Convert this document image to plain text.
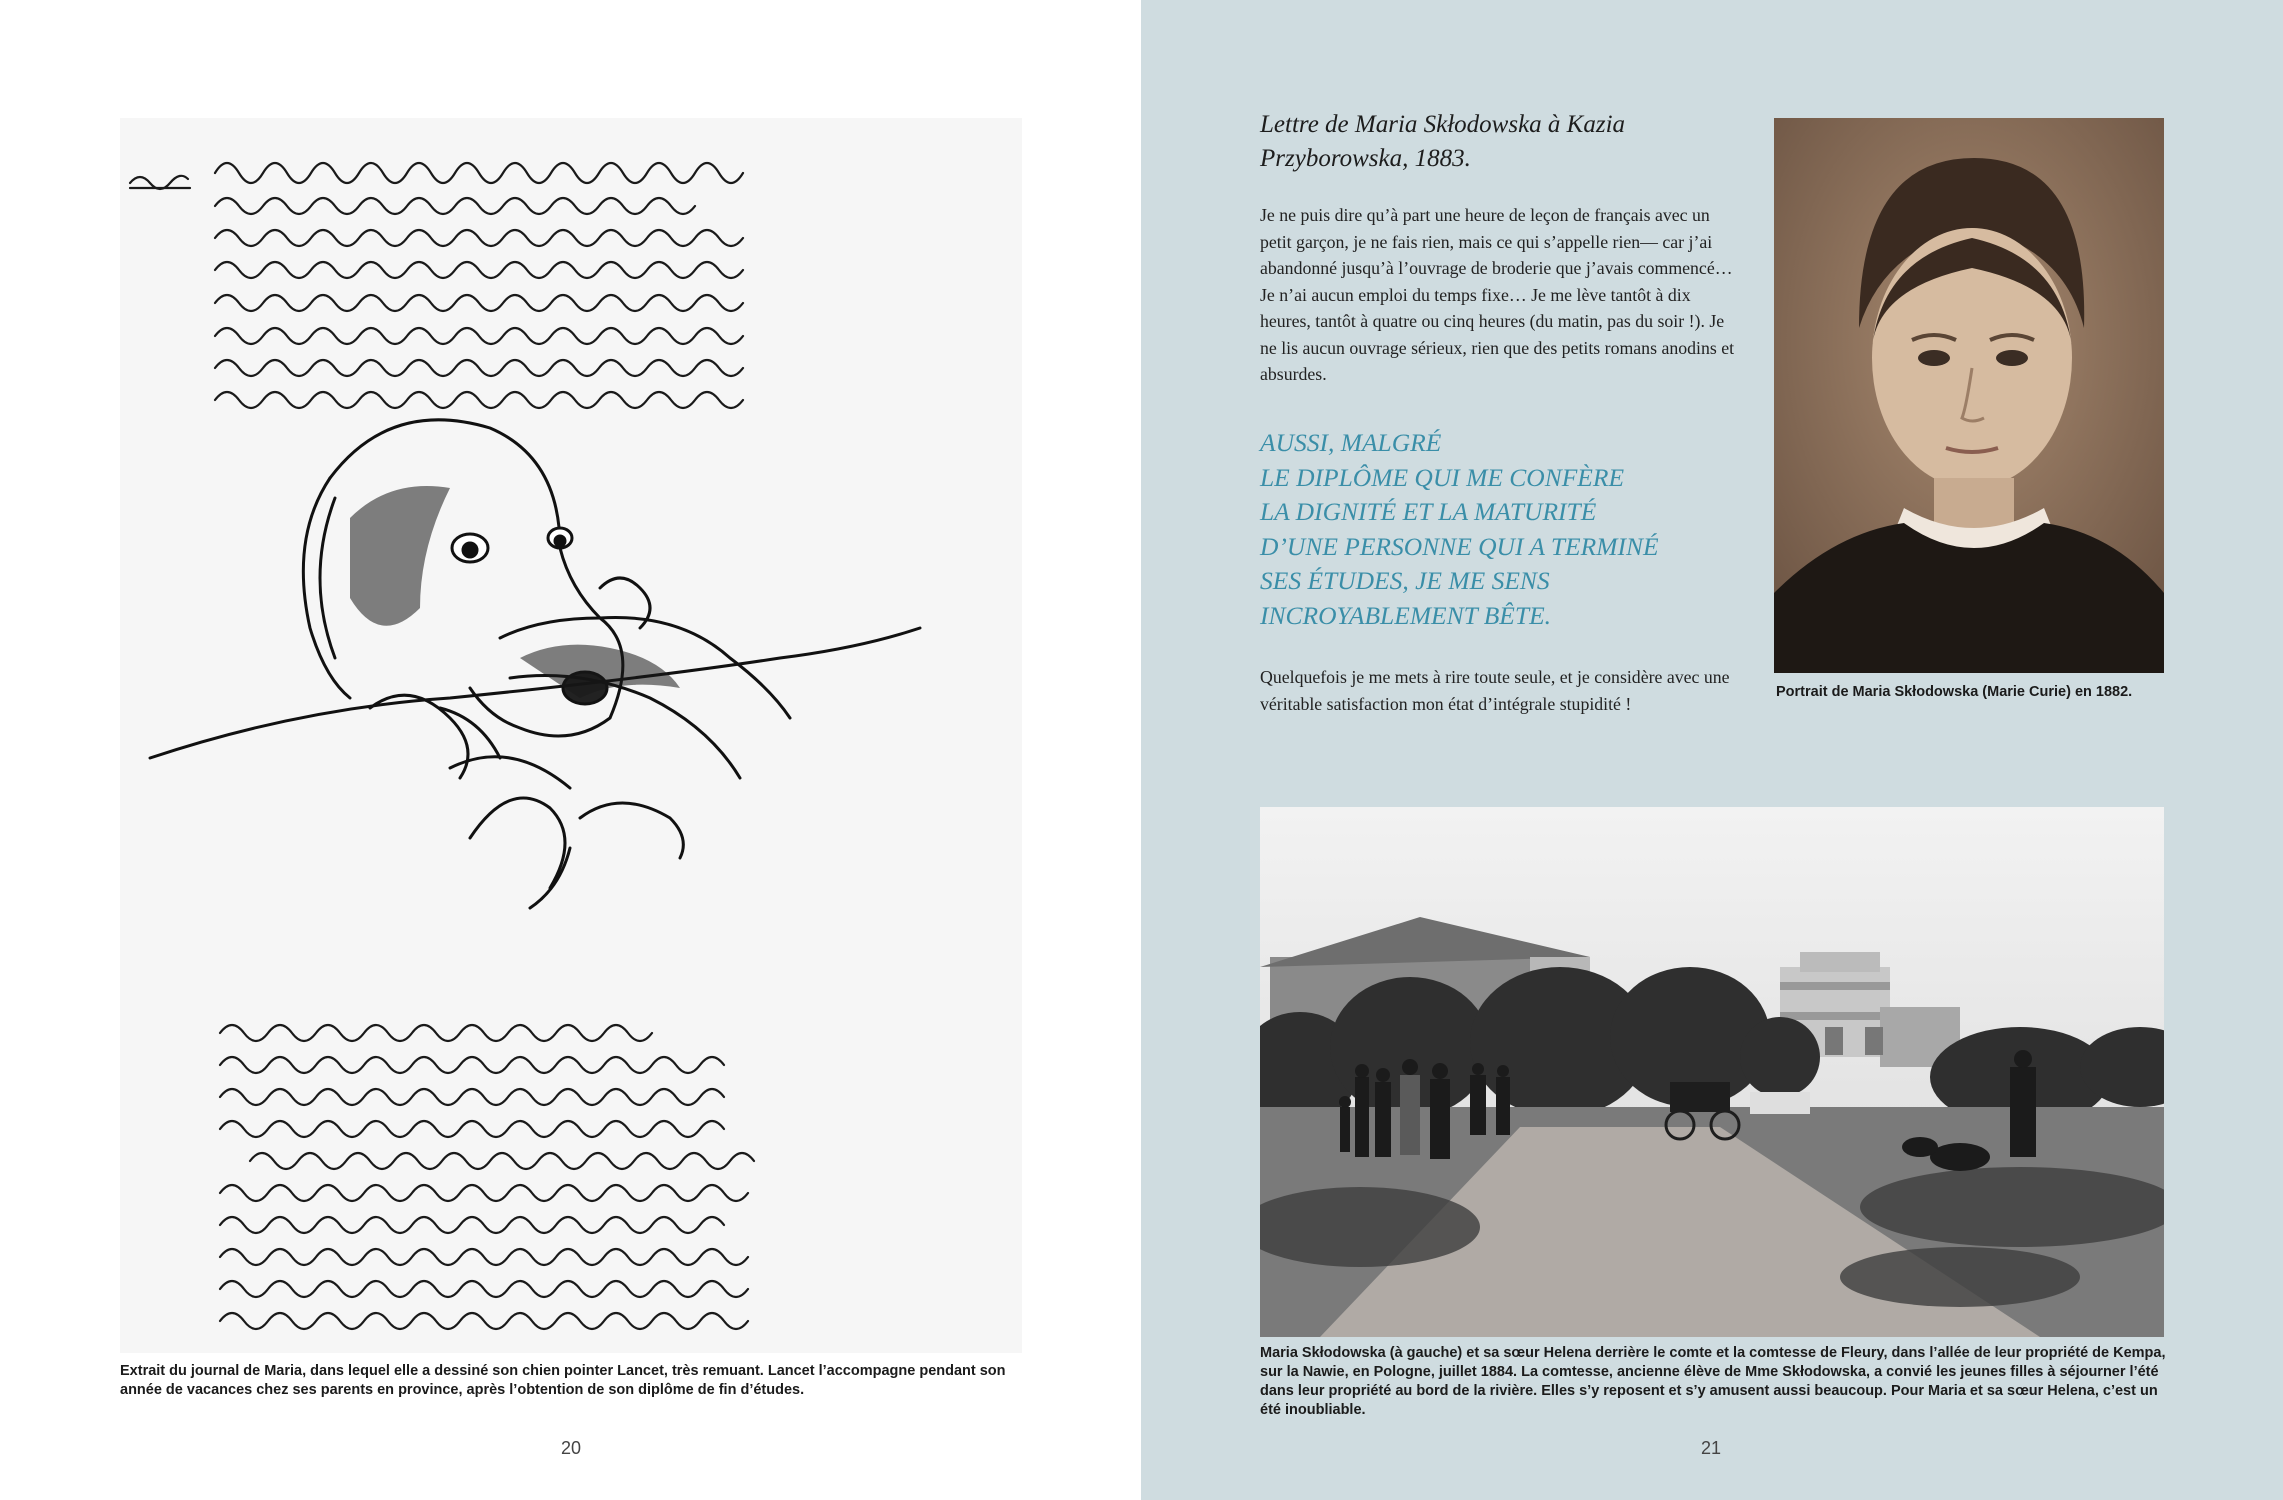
Extrait du journal de Maria, dans lequel elle a dessiné son chien pointer Lancet, très remuant. Lancet l’accompagne pendant son année de vacances chez ses parents en province, après l’obtention de son diplôme de fin d’études.

20

Lettre de Maria Skłodowska à Kazia Przyborowska, 1883.

Je ne puis dire qu’à part une heure de leçon de français avec un petit garçon, je ne fais rien, mais ce qui s’appelle rien— car j’ai abandonné jusqu’à l’ouvrage de broderie que j’avais commencé… Je n’ai aucun emploi du temps fixe… Je me lève tantôt à dix heures, tantôt à quatre ou cinq heures (du matin, pas du soir !). Je ne lis aucun ouvrage sérieux, rien que des petits romans anodins et absurdes.

AUSSI, MALGRÉ
LE DIPLÔME QUI ME CONFÈRE
LA DIGNITÉ ET LA MATURITÉ
D’UNE PERSONNE QUI A TERMINÉ
SES ÉTUDES, JE ME SENS
INCROYABLEMENT BÊTE.

Quelquefois je me mets à rire toute seule, et je considère avec une véritable satisfaction mon état d’intégrale stupidité !

Portrait de Maria Skłodowska (Marie Curie) en 1882.

Maria Skłodowska (à gauche) et sa sœur Helena derrière le comte et la comtesse de Fleury, dans l’allée de leur propriété de Kempa, sur la Nawie, en Pologne, juillet 1884. La comtesse, ancienne élève de Mme Skłodowska, a convié les jeunes filles à séjourner l’été dans leur propriété au bord de la rivière. Elles s’y reposent et s’y amusent aussi beaucoup. Pour Maria et sa sœur Helena, c’est un été inoubliable.

21
